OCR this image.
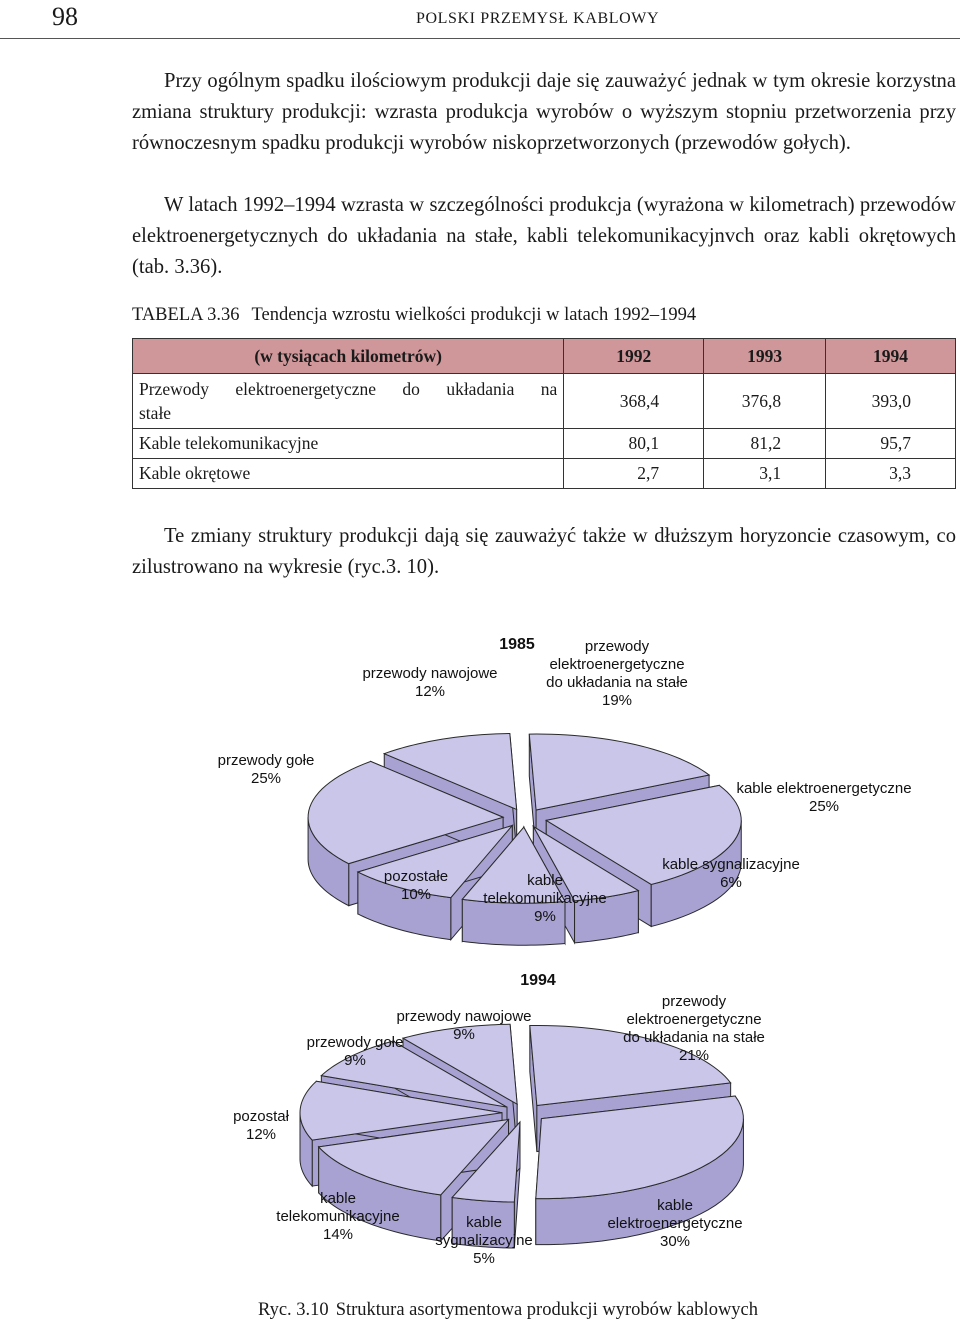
98	POLSKI PRZEMYSŁ KABLOWY

Przy ogólnym spadku ilościowym produkcji daje się zauważyć jednak w tym okresie korzystna zmiana struktury produkcji: wzrasta produkcja wyrobów o wyższym stopniu przetworzenia przy równoczesnym spadku produkcji wyrobów niskoprzetworzonych (przewodów gołych).

W latach 1992–1994 wzrasta w szczególności produkcja (wyrażona w kilometrach) przewodów elektroenergetycznych do układania na stałe, kabli telekomunikacyjnvch oraz kabli okrętowych (tab. 3.36).

TABELA 3.36 Tendencja wzrostu wielkości produkcji w latach 1992–1994
(w tysiącach kilometrów)	1992	1993	1994

Przewody elektroenergetyczne do układania na
stałe	368,4	376,8	393,0
Kable telekomunikacyjne	80,1	81,2	95,7
Kable okrętowe	2,7	3,1	3,3

Te zmiany struktury produkcji dają się zauważyć także w dłuższym horyzoncie czasowym, co zilustrowano na wykresie (ryc.3. 10).

1985	przewody elektroenergetyczne do układania na stałe 19%
kable elektroenergetyczne 25%
kable sygnalizacyjne 6%
kable telekomunikacyjne 9%
pozostałe 10%
przewody gołe 25%
przewody nawojowe 12%
1994
przewody elektroenergetyczne do układania na stałe 21%
kable elektroenergetyczne 30%
kable sygnalizacyjne 5%
kable telekomunikacyjne 14%
pozostał 12%
przewody gołe 9%
przewody nawojowe 9%
Ryc. 3.10 Struktura asortymentowa produkcji wyrobów kablowych
